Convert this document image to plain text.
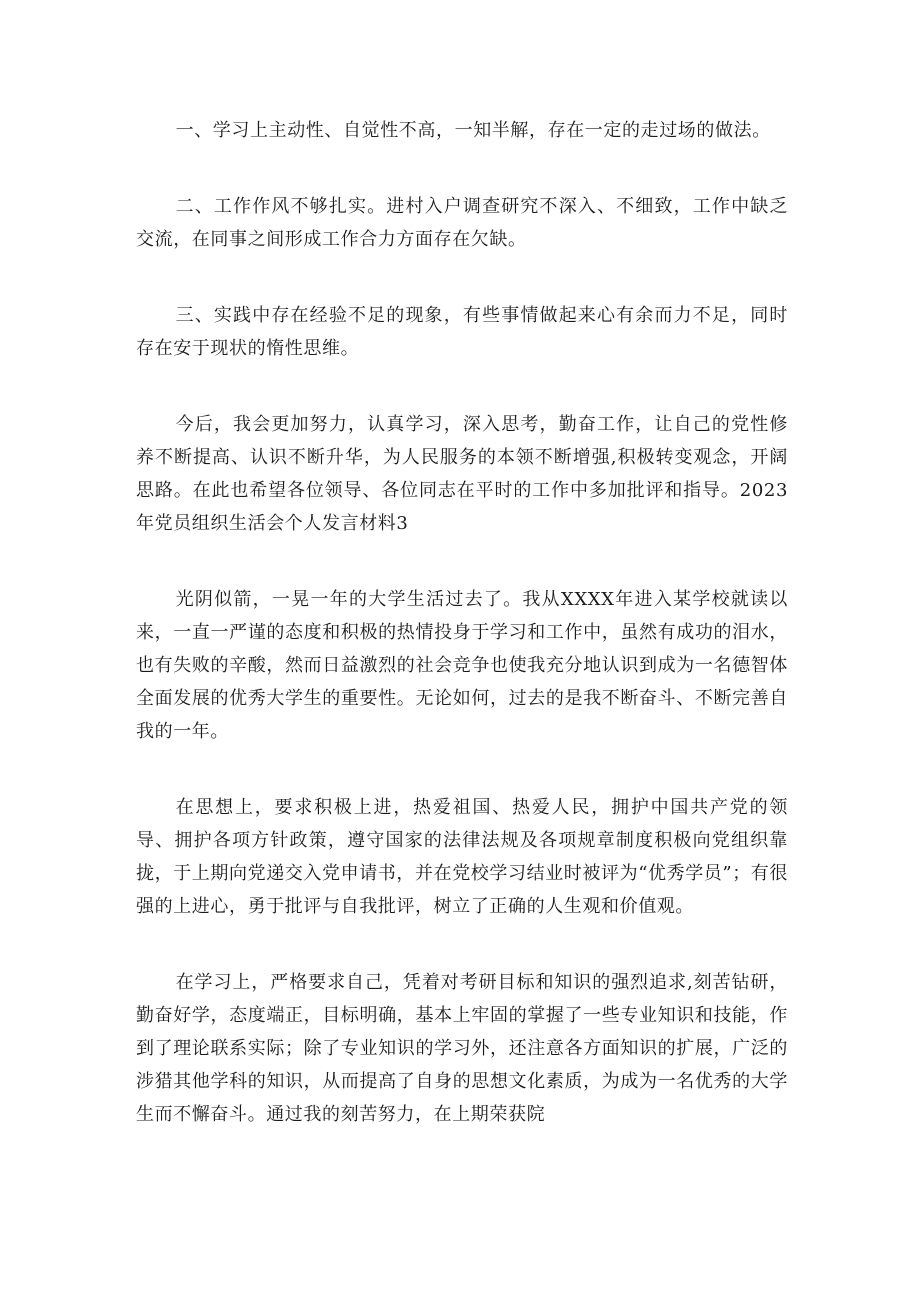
一、学习上主动性、自觉性不高，一知半解，存在一定的走过场的做法。

二、工作作风不够扎实。进村入户调查研究不深入、不细致，工作中缺乏交流，在同事之间形成工作合力方面存在欠缺。

三、实践中存在经验不足的现象，有些事情做起来心有余而力不足，同时存在安于现状的惰性思维。

今后，我会更加努力，认真学习，深入思考，勤奋工作，让自己的党性修养不断提高、认识不断升华，为人民服务的本领不断增强,积极转变观念，开阔思路。在此也希望各位领导、各位同志在平时的工作中多加批评和指导。2023年党员组织生活会个人发言材料3

光阴似箭，一晃一年的大学生活过去了。我从XXXX年进入某学校就读以来，一直一严谨的态度和积极的热情投身于学习和工作中，虽然有成功的泪水，也有失败的辛酸，然而日益激烈的社会竞争也使我充分地认识到成为一名德智体全面发展的优秀大学生的重要性。无论如何，过去的是我不断奋斗、不断完善自我的一年。

在思想上，要求积极上进，热爱祖国、热爱人民，拥护中国共产党的领导、拥护各项方针政策，遵守国家的法律法规及各项规章制度积极向党组织靠拢，于上期向党递交入党申请书，并在党校学习结业时被评为“优秀学员”；有很强的上进心，勇于批评与自我批评，树立了正确的人生观和价值观。

在学习上，严格要求自己，凭着对考研目标和知识的强烈追求,刻苦钻研，勤奋好学，态度端正，目标明确，基本上牢固的掌握了一些专业知识和技能，作到了理论联系实际；除了专业知识的学习外，还注意各方面知识的扩展，广泛的涉猎其他学科的知识，从而提高了自身的思想文化素质，为成为一名优秀的大学生而不懈奋斗。通过我的刻苦努力，在上期荣获院
